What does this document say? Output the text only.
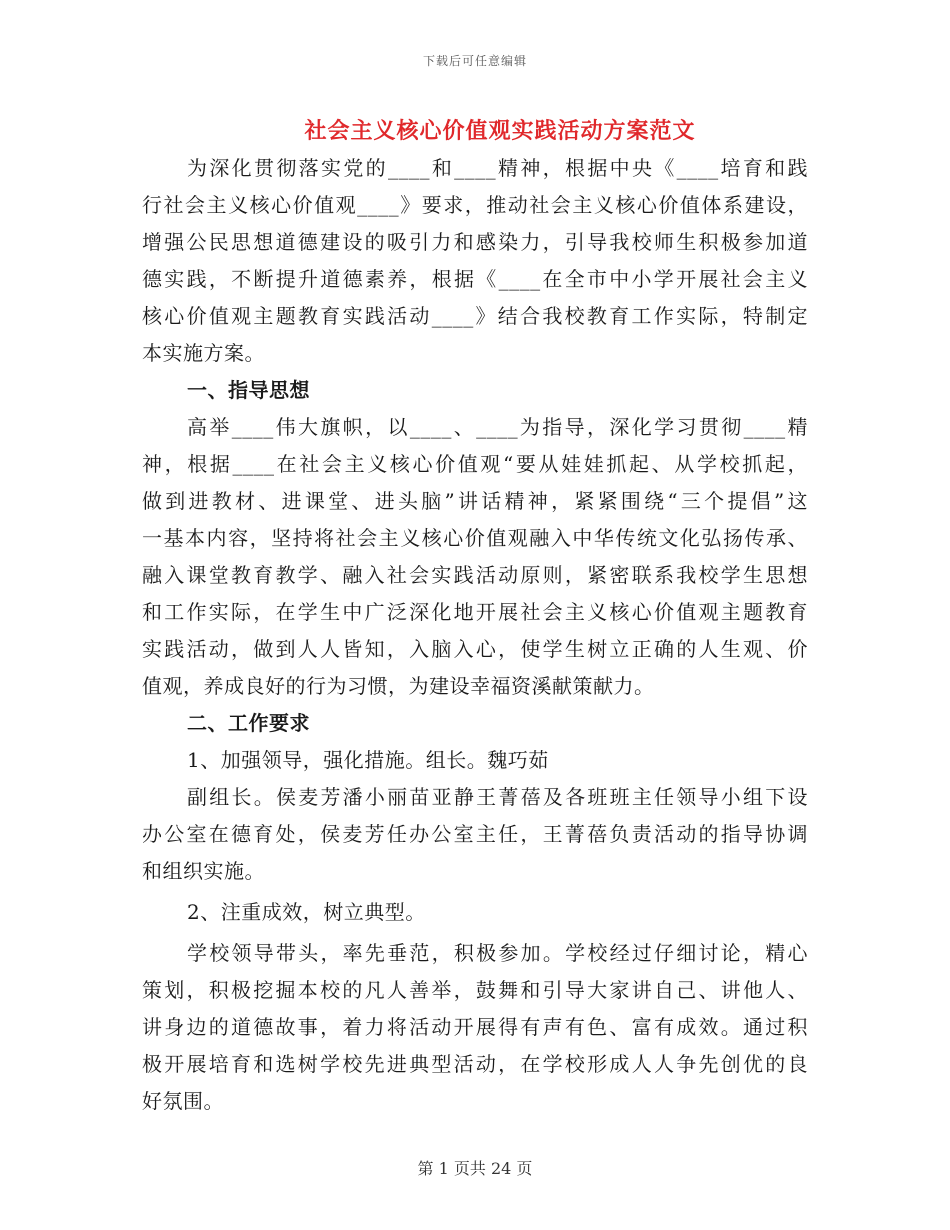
下载后可任意编辑
社会主义核心价值观实践活动方案范文
为深化贯彻落实党的____和____精神，根据中央《____培育和践
行社会主义核心价值观____》要求，推动社会主义核心价值体系建设，
增强公民思想道德建设的吸引力和感染力，引导我校师生积极参加道
德实践，不断提升道德素养，根据《____在全市中小学开展社会主义
核心价值观主题教育实践活动____》结合我校教育工作实际，特制定
本实施方案。
一、指导思想
高举____伟大旗帜，以____、____为指导，深化学习贯彻____精
神，根据____在社会主义核心价值观“要从娃娃抓起、从学校抓起，
做到进教材、进课堂、进头脑”讲话精神，紧紧围绕“三个提倡”这
一基本内容，坚持将社会主义核心价值观融入中华传统文化弘扬传承、
融入课堂教育教学、融入社会实践活动原则，紧密联系我校学生思想
和工作实际，在学生中广泛深化地开展社会主义核心价值观主题教育
实践活动，做到人人皆知，入脑入心，使学生树立正确的人生观、价
值观，养成良好的行为习惯，为建设幸福资溪献策献力。
二、工作要求
1、加强领导，强化措施。组长。魏巧茹
副组长。侯麦芳潘小丽苗亚静王菁蓓及各班班主任领导小组下设
办公室在德育处，侯麦芳任办公室主任，王菁蓓负责活动的指导协调
和组织实施。
2、注重成效，树立典型。
学校领导带头，率先垂范，积极参加。学校经过仔细讨论，精心
策划，积极挖掘本校的凡人善举，鼓舞和引导大家讲自己、讲他人、
讲身边的道德故事，着力将活动开展得有声有色、富有成效。通过积
极开展培育和选树学校先进典型活动，在学校形成人人争先创优的良
好氛围。
第 1 页共 24 页
